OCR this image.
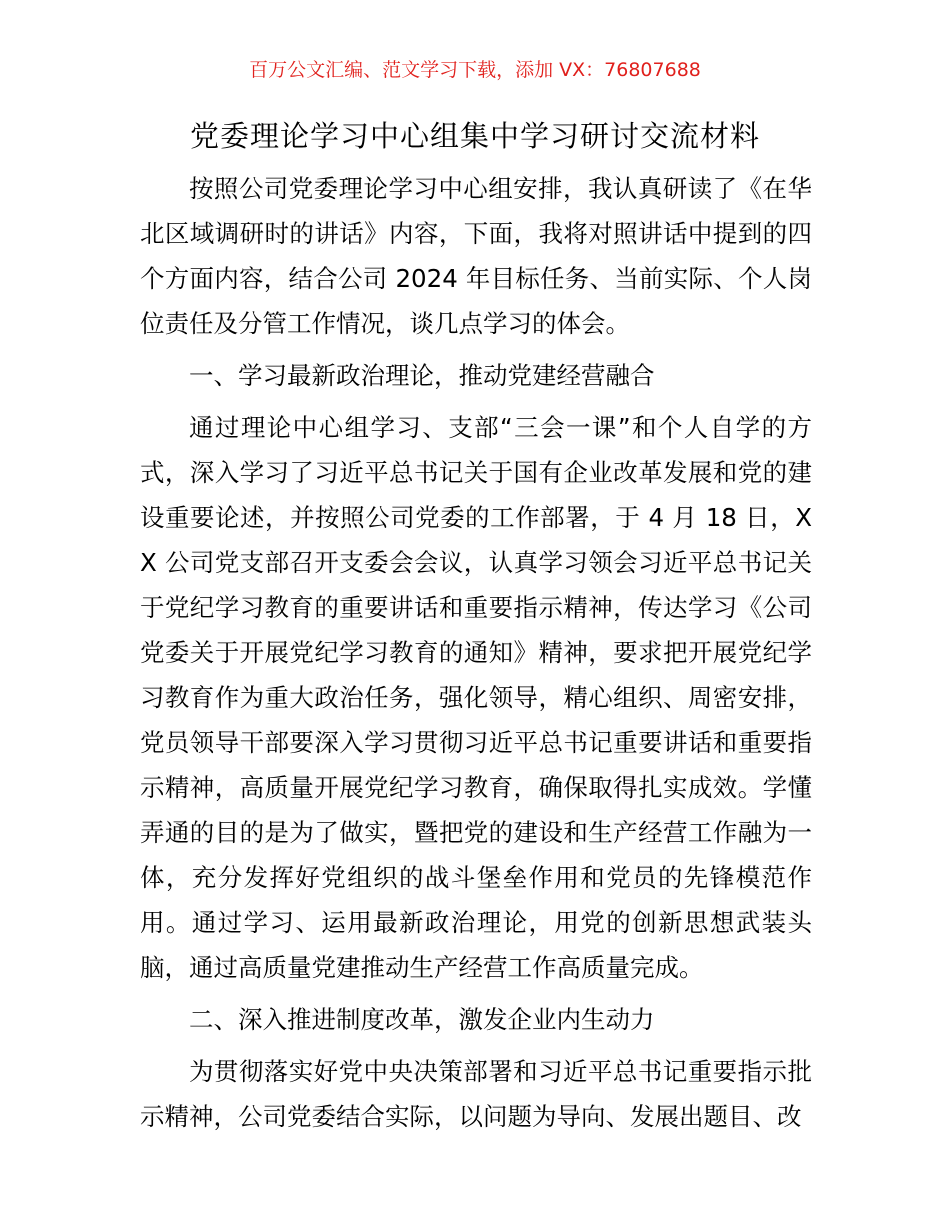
百万公文汇编、范文学习下载，添加 VX：76807688
党委理论学习中心组集中学习研讨交流材料

按照公司党委理论学习中心组安排，我认真研读了《在华北区域调研时的讲话》内容，下面，我将对照讲话中提到的四个方面内容，结合公司 2024 年目标任务、当前实际、个人岗位责任及分管工作情况，谈几点学习的体会。

一、学习最新政治理论，推动党建经营融合

通过理论中心组学习、支部“三会一课”和个人自学的方式，深入学习了习近平总书记关于国有企业改革发展和党的建设重要论述，并按照公司党委的工作部署，于 4 月 18 日，XX 公司党支部召开支委会会议，认真学习领会习近平总书记关于党纪学习教育的重要讲话和重要指示精神，传达学习《公司党委关于开展党纪学习教育的通知》精神，要求把开展党纪学习教育作为重大政治任务，强化领导，精心组织、周密安排，党员领导干部要深入学习贯彻习近平总书记重要讲话和重要指示精神，高质量开展党纪学习教育，确保取得扎实成效。学懂弄通的目的是为了做实，暨把党的建设和生产经营工作融为一体，充分发挥好党组织的战斗堡垒作用和党员的先锋模范作用。通过学习、运用最新政治理论，用党的创新思想武装头脑，通过高质量党建推动生产经营工作高质量完成。

二、深入推进制度改革，激发企业内生动力

为贯彻落实好党中央决策部署和习近平总书记重要指示批示精神，公司党委结合实际，以问题为导向、发展出题目、改
